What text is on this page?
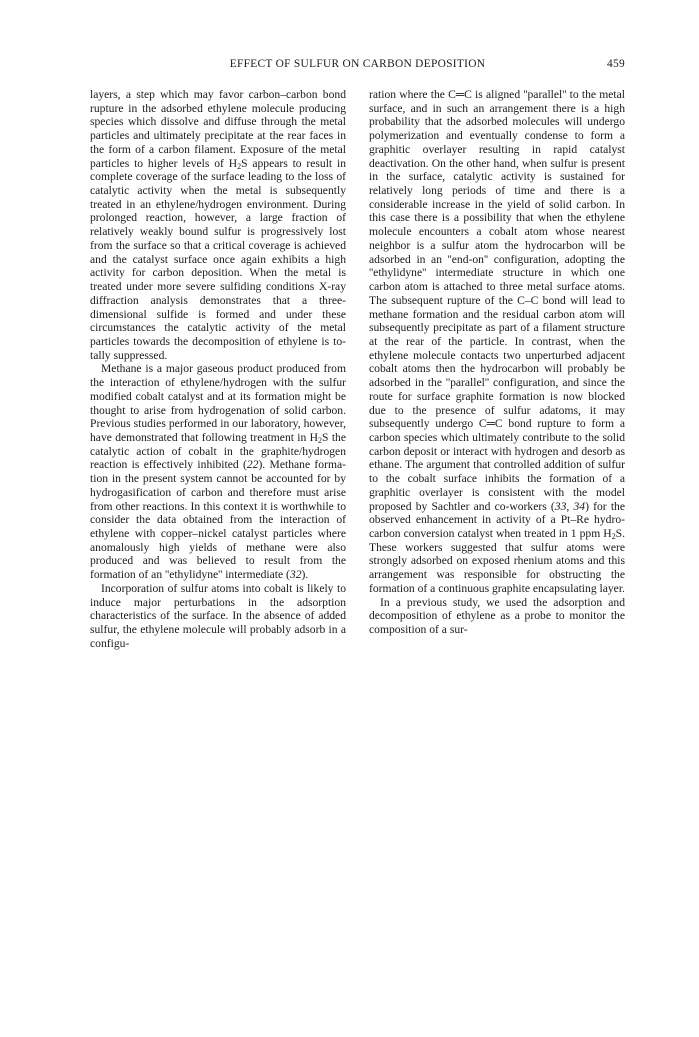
EFFECT OF SULFUR ON CARBON DEPOSITION	459

layers, a step which may favor carbon–carbon bond rupture in the adsorbed ethylene molecule producing species which dissolve and diffuse through the metal particles and ultimately precipitate at the rear faces in the form of a carbon filament. Exposure of the metal particles to higher levels of $H_2S$ appears to result in complete coverage of the surface leading to the loss of catalytic activity when the metal is subsequently treated in an ethylene/hydrogen environment. During prolonged reaction, however, a large fraction of relatively weakly bound sulfur is progressively lost from the surface so that a critical coverage is achieved and the catalyst surface once again exhibits a high activity for carbon deposition. When the metal is treated under more severe sulfiding conditions X-ray diffraction analysis demonstrates that a three-dimensional sulfide is formed and under these circumstances the catalytic activity of the metal particles towards the decomposition of ethylene is totally suppressed.

Methane is a major gaseous product produced from the interaction of ethylene/hydrogen with the sulfur modified cobalt catalyst and at its formation might be thought to arise from hydrogenation of solid carbon. Previous studies performed in our laboratory, however, have demonstrated that following treatment in $H_2S$ the catalytic action of cobalt in the graphite/hydrogen reaction is effectively inhibited (22). Methane formation in the present system cannot be accounted for by hydrogasification of carbon and therefore must arise from other reactions. In this context it is worthwhile to consider the data obtained from the interaction of ethylene with copper–nickel catalyst particles where anomalously high yields of methane were also produced and was believed to result from the formation of an ''ethylidyne'' intermediate (32).

Incorporation of sulfur atoms into cobalt is likely to induce major perturbations in the adsorption characteristics of the surface. In the absence of added sulfur, the ethylene molecule will probably adsorb in a configu-

ration where the C═C is aligned ''parallel'' to the metal surface, and in such an arrangement there is a high probability that the adsorbed molecules will undergo polymerization and eventually condense to form a graphitic overlayer resulting in rapid catalyst deactivation. On the other hand, when sulfur is present in the surface, catalytic activity is sustained for relatively long periods of time and there is a considerable increase in the yield of solid carbon. In this case there is a possibility that when the ethylene molecule encounters a cobalt atom whose nearest neighbor is a sulfur atom the hydrocarbon will be adsorbed in an ''end-on'' configuration, adopting the ''ethylidyne'' intermediate structure in which one carbon atom is attached to three metal surface atoms. The subsequent rupture of the C–C bond will lead to methane formation and the residual carbon atom will subsequently precipitate as part of a filament structure at the rear of the particle. In contrast, when the ethylene molecule contacts two unperturbed adjacent cobalt atoms then the hydrocarbon will probably be adsorbed in the ''parallel'' configuration, and since the route for surface graphite formation is now blocked due to the presence of sulfur adatoms, it may subsequently undergo C═C bond rupture to form a carbon species which ultimately contribute to the solid carbon deposit or interact with hydrogen and desorb as ethane. The argument that controlled addition of sulfur to the cobalt surface inhibits the formation of a graphitic overlayer is consistent with the model proposed by Sachtler and co-workers (33, 34) for the observed enhancement in activity of a Pt–Re hydrocarbon conversion catalyst when treated in 1 ppm $H_2S$. These workers suggested that sulfur atoms were strongly adsorbed on exposed rhenium atoms and this arrangement was responsible for obstructing the formation of a continuous graphite encapsulating layer.

In a previous study, we used the adsorption and decomposition of ethylene as a probe to monitor the composition of a sur-
